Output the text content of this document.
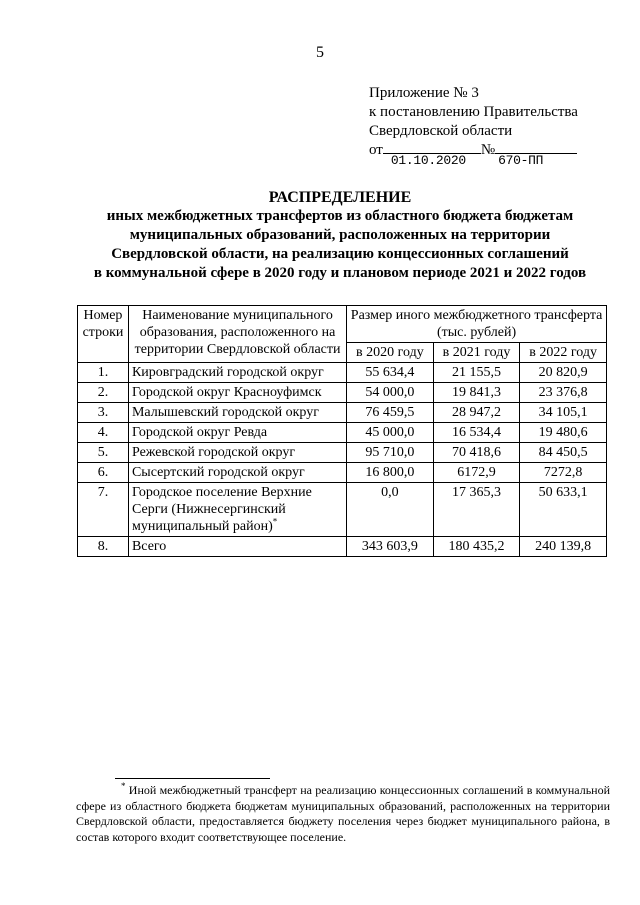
5
Приложение № 3
к постановлению Правительства
Свердловской области
от
01.10.2020
№
670-ПП
РАСПРЕДЕЛЕНИЕ
иных межбюджетных трансфертов из областного бюджета бюджетам
муниципальных образований, расположенных на территории
Свердловской области, на реализацию концессионных соглашений
в коммунальной сфере в 2020 году и плановом периоде 2021 и 2022 годов
Номер строки	Наименование муниципального образования, расположенного на территории Свердловской области	Размер иного межбюджетного трансферта (тыс. рублей)		
		в 2020 году	в 2021 году	в 2022 году
1.	Кировградский городской округ	55 634,4	21 155,5	20 820,9
2.	Городской округ Красноуфимск	54 000,0	19 841,3	23 376,8
3.	Малышевский городской округ	76 459,5	28 947,2	34 105,1
4.	Городской округ Ревда	45 000,0	16 534,4	19 480,6
5.	Режевской городской округ	95 710,0	70 418,6	84 450,5
6.	Сысертский городской округ	16 800,0	6172,9	7272,8
7.	Городское поселение Верхние Серги (Нижнесергинский муниципальный район)*	0,0	17 365,3	50 633,1
8.	Всего	343 603,9	180 435,2	240 139,8
* Иной межбюджетный трансферт на реализацию концессионных соглашений в коммунальной сфере из областного бюджета бюджетам муниципальных образований, расположенных на территории Свердловской области, предоставляется бюджету поселения через бюджет муниципального района, в состав которого входит соответствующее поселение.
